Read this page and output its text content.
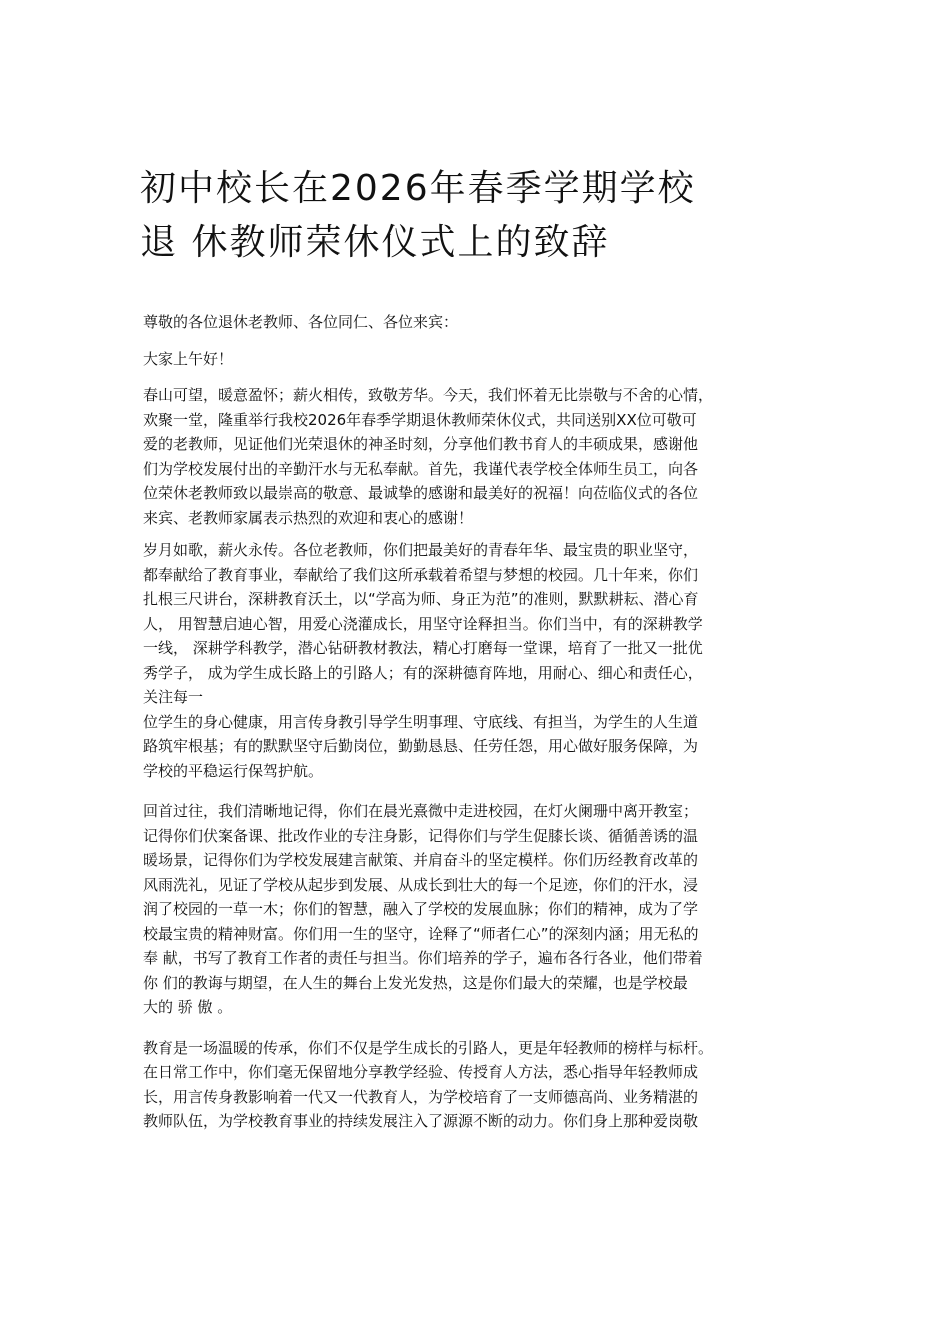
初中校长在2026年春季学期学校
退 休教师荣休仪式上的致辞

尊敬的各位退休老教师、各位同仁、各位来宾：

大家上午好！

春山可望，暖意盈怀；薪火相传，致敬芳华。今天，我们怀着无比崇敬与不舍的心情，
欢聚一堂，隆重举行我校2026年春季学期退休教师荣休仪式，共同送别XX位可敬可
爱的老教师，见证他们光荣退休的神圣时刻，分享他们教书育人的丰硕成果，感谢他
们为学校发展付出的辛勤汗水与无私奉献。首先，我谨代表学校全体师生员工，向各
位荣休老教师致以最崇高的敬意、最诚挚的感谢和最美好的祝福！向莅临仪式的各位
来宾、老教师家属表示热烈的欢迎和衷心的感谢！

岁月如歌，薪火永传。各位老教师，你们把最美好的青春年华、最宝贵的职业坚守，
都奉献给了教育事业，奉献给了我们这所承载着希望与梦想的校园。几十年来，你们
扎根三尺讲台，深耕教育沃土，以“学高为师、身正为范”的准则，默默耕耘、潜心育
人， 用智慧启迪心智，用爱心浇灌成长，用坚守诠释担当。你们当中，有的深耕教学
一线， 深耕学科教学，潜心钻研教材教法，精心打磨每一堂课，培育了一批又一批优
秀学子， 成为学生成长路上的引路人；有的深耕德育阵地，用耐心、细心和责任心，
关注每一
位学生的身心健康，用言传身教引导学生明事理、守底线、有担当，为学生的人生道
路筑牢根基；有的默默坚守后勤岗位，勤勤恳恳、任劳任怨，用心做好服务保障，为
学校的平稳运行保驾护航。

回首过往，我们清晰地记得，你们在晨光熹微中走进校园，在灯火阑珊中离开教室；
记得你们伏案备课、批改作业的专注身影，记得你们与学生促膝长谈、循循善诱的温
暖场景，记得你们为学校发展建言献策、并肩奋斗的坚定模样。你们历经教育改革的
风雨洗礼，见证了学校从起步到发展、从成长到壮大的每一个足迹，你们的汗水，浸
润了校园的一草一木；你们的智慧，融入了学校的发展血脉；你们的精神，成为了学
校最宝贵的精神财富。你们用一生的坚守，诠释了“师者仁心”的深刻内涵；用无私的
奉 献，书写了教育工作者的责任与担当。你们培养的学子，遍布各行各业，他们带着
你 们的教诲与期望，在人生的舞台上发光发热，这是你们最大的荣耀，也是学校最
大的 骄 傲 。

教育是一场温暖的传承，你们不仅是学生成长的引路人，更是年轻教师的榜样与标杆。
在日常工作中，你们毫无保留地分享教学经验、传授育人方法，悉心指导年轻教师成
长，用言传身教影响着一代又一代教育人，为学校培育了一支师德高尚、业务精湛的
教师队伍，为学校教育事业的持续发展注入了源源不断的动力。你们身上那种爱岗敬
